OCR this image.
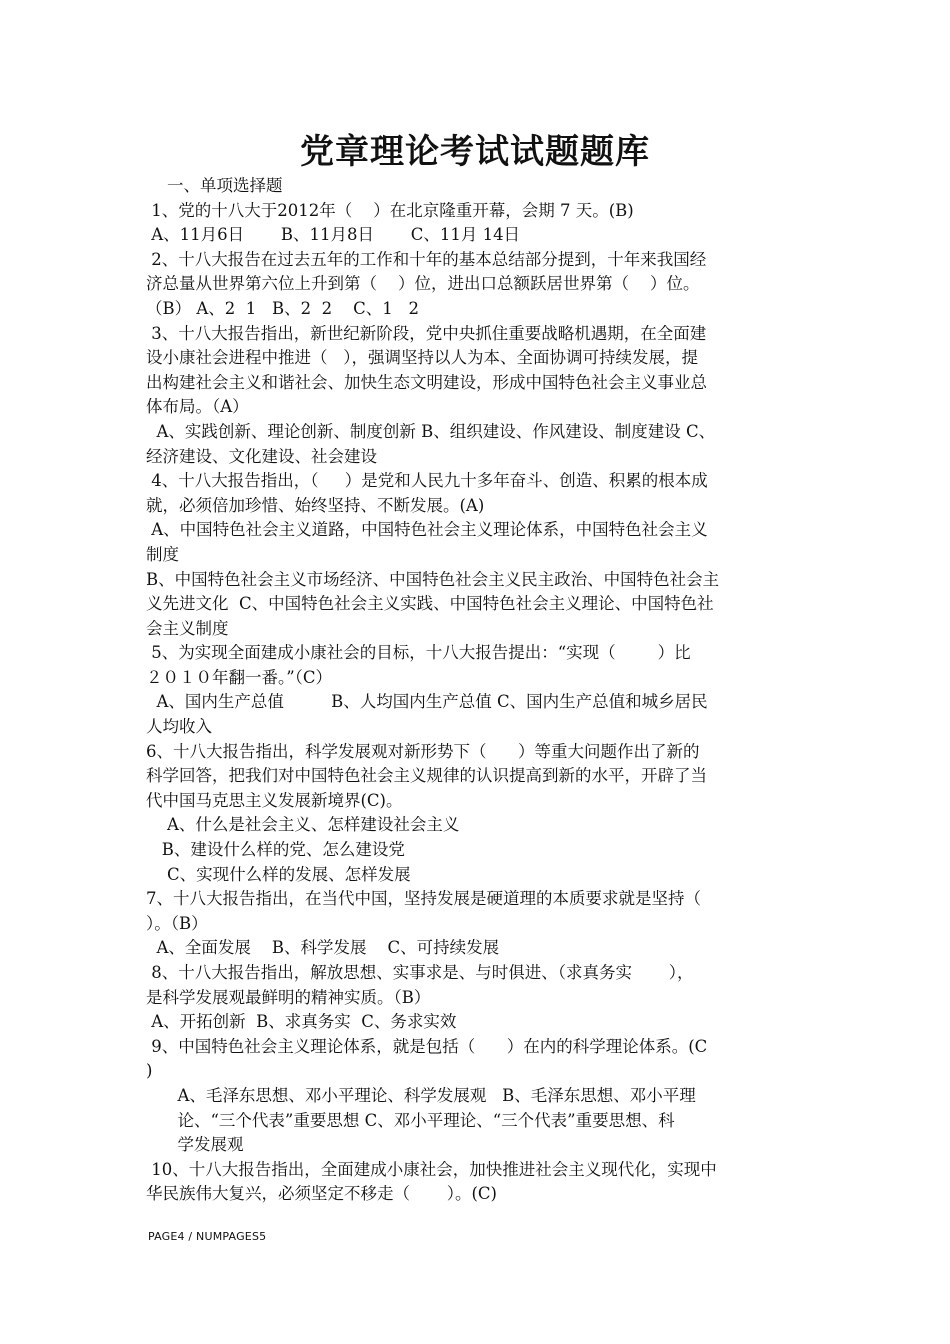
党章理论考试试题题库
一、单项选择题
1、党的十八大于2012年（    ）在北京隆重开幕，会期 7 天。(B)
A、11月6日       B、11月8日       C、11月 14日
2、十八大报告在过去五年的工作和十年的基本总结部分提到，十年来我国经
济总量从世界第六位上升到第（    ）位，进出口总额跃居世界第（    ）位。
（B） A、2  1   B、2  2    C、1   2
3、十八大报告指出，新世纪新阶段，党中央抓住重要战略机遇期，在全面建
设小康社会进程中推进（   ），强调坚持以人为本、全面协调可持续发展，提
出构建社会主义和谐社会、加快生态文明建设，形成中国特色社会主义事业总
体布局。（A）
A、实践创新、理论创新、制度创新 B、组织建设、作风建设、制度建设 C、
经济建设、文化建设、社会建设
4、十八大报告指出，（     ）是党和人民九十多年奋斗、创造、积累的根本成
就，必须倍加珍惜、始终坚持、不断发展。(A)
A、中国特色社会主义道路，中国特色社会主义理论体系，中国特色社会主义
制度
B、中国特色社会主义市场经济、中国特色社会主义民主政治、中国特色社会主
义先进文化  C、中国特色社会主义实践、中国特色社会主义理论、中国特色社
会主义制度
5、为实现全面建成小康社会的目标，十八大报告提出：“实现（        ）比
２０１０年翻一番。”（C）
A、国内生产总值         B、人均国内生产总值 C、国内生产总值和城乡居民
人均收入
6、十八大报告指出，科学发展观对新形势下（      ）等重大问题作出了新的
科学回答，把我们对中国特色社会主义规律的认识提高到新的水平，开辟了当
代中国马克思主义发展新境界(C)。
A、什么是社会主义、怎样建设社会主义
B、建设什么样的党、怎么建设党
C、实现什么样的发展、怎样发展
7、十八大报告指出，在当代中国，坚持发展是硬道理的本质要求就是坚持（
）。（B）
A、全面发展    B、科学发展    C、可持续发展
8、十八大报告指出，解放思想、实事求是、与时俱进、（求真务实       ），
是科学发展观最鲜明的精神实质。（B）
A、开拓创新  B、求真务实  C、务求实效
9、中国特色社会主义理论体系，就是包括（      ）在内的科学理论体系。(C
)
A、毛泽东思想、邓小平理论、科学发展观   B、毛泽东思想、邓小平理
论、“三个代表”重要思想 C、邓小平理论、“三个代表”重要思想、科
学发展观
10、十八大报告指出，全面建成小康社会，加快推进社会主义现代化，实现中
华民族伟大复兴，必须坚定不移走（       ）。(C)
PAGE4 / NUMPAGES5
